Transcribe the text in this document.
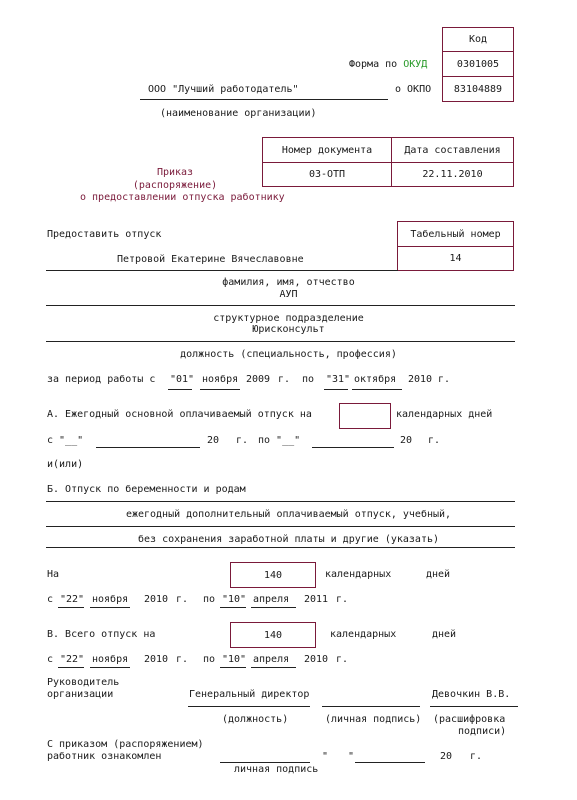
Код
0301005
83104889
Форма по ОКУД
ООО "Лучший работодатель"	о ОКПО
(наименование организации)
Номер документа	Дата составления
03-ОТП	22.11.2010
Приказ
(распоряжение)
о предоставлении отпуска работнику
Предоставить отпуск	Табельный номер
14
Петровой Екатерине Вячеславовне
фамилия, имя, отчество
АУП
структурное подразделение
Юрисконсульт
должность (специальность, профессия)
за период работы с "01" ноября 2009 г. по "31" октября 2010 г.
А. Ежегодный основной оплачиваемый отпуск на	календарных дней
с "__"	20 г. по "__"	20 г.
и(или)
Б. Отпуск по беременности и родам
ежегодный дополнительный оплачиваемый отпуск, учебный,
без сохранения заработной платы и другие (указать)
На	140	календарных	дней
с "22" ноября 2010 г. по "10" апреля 2011 г.
В. Всего отпуск на	140	календарных	дней
с "22" ноября 2010 г. по "10" апреля 2010 г.
Руководитель
организации	Генеральный директор	Девочкин В.В.
(должность)	(личная подпись) (расшифровка
подписи)
С приказом (распоряжением)
работник ознакомлен	" "	20 г.
личная подпись
